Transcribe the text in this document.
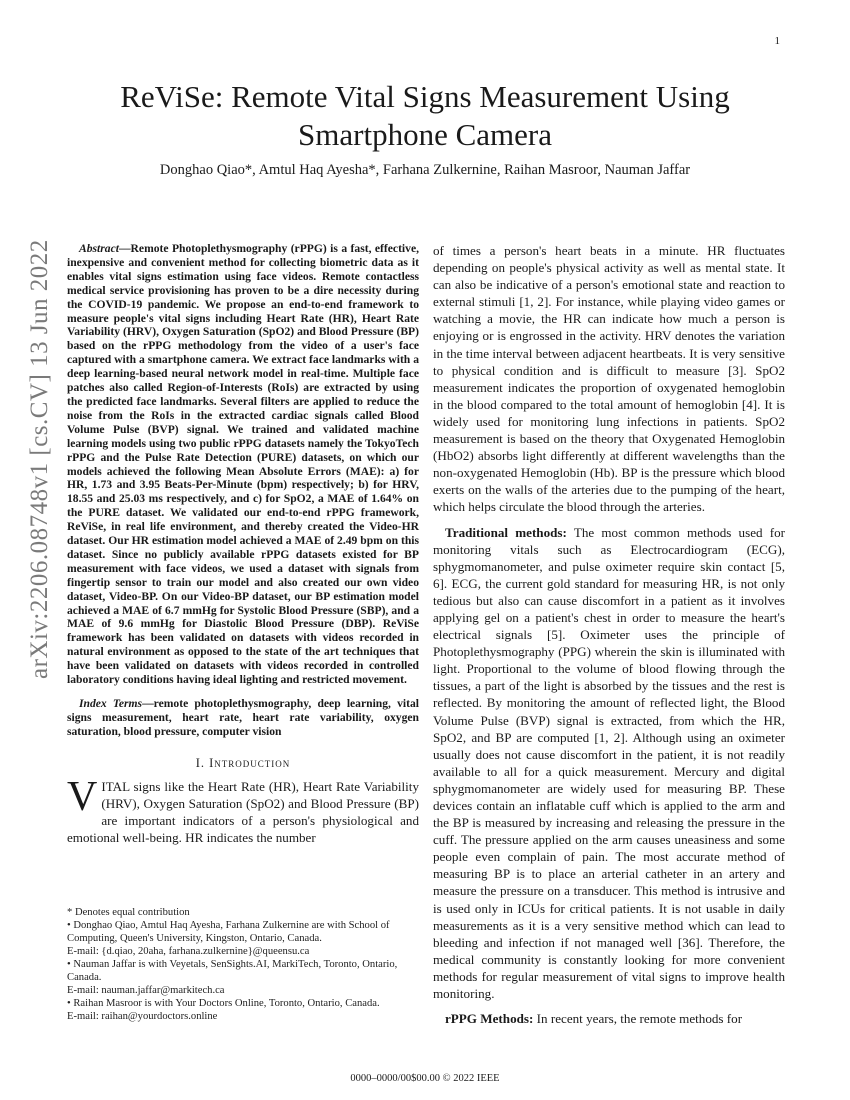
1
arXiv:2206.08748v1 [cs.CV] 13 Jun 2022
ReViSe: Remote Vital Signs Measurement Using Smartphone Camera
Donghao Qiao*, Amtul Haq Ayesha*, Farhana Zulkernine, Raihan Masroor, Nauman Jaffar

Abstract—Remote Photoplethysmography (rPPG) is a fast, effective, inexpensive and convenient method for collecting biometric data as it enables vital signs estimation using face videos. Remote contactless medical service provisioning has proven to be a dire necessity during the COVID-19 pandemic. We propose an end-to-end framework to measure people's vital signs including Heart Rate (HR), Heart Rate Variability (HRV), Oxygen Saturation (SpO2) and Blood Pressure (BP) based on the rPPG methodology from the video of a user's face captured with a smartphone camera. We extract face landmarks with a deep learning-based neural network model in real-time. Multiple face patches also called Region-of-Interests (RoIs) are extracted by using the predicted face landmarks. Several filters are applied to reduce the noise from the RoIs in the extracted cardiac signals called Blood Volume Pulse (BVP) signal. We trained and validated machine learning models using two public rPPG datasets namely the TokyoTech rPPG and the Pulse Rate Detection (PURE) datasets, on which our models achieved the following Mean Absolute Errors (MAE): a) for HR, 1.73 and 3.95 Beats-Per-Minute (bpm) respectively; b) for HRV, 18.55 and 25.03 ms respectively, and c) for SpO2, a MAE of 1.64% on the PURE dataset. We validated our end-to-end rPPG framework, ReViSe, in real life environment, and thereby created the Video-HR dataset. Our HR estimation model achieved a MAE of 2.49 bpm on this dataset. Since no publicly available rPPG datasets existed for BP measurement with face videos, we used a dataset with signals from fingertip sensor to train our model and also created our own video dataset, Video-BP. On our Video-BP dataset, our BP estimation model achieved a MAE of 6.7 mmHg for Systolic Blood Pressure (SBP), and a MAE of 9.6 mmHg for Diastolic Blood Pressure (DBP). ReViSe framework has been validated on datasets with videos recorded in natural environment as opposed to the state of the art techniques that have been validated on datasets with videos recorded in controlled laboratory conditions having ideal lighting and restricted movement.

Index Terms—remote photoplethysmography, deep learning, vital signs measurement, heart rate, heart rate variability, oxygen saturation, blood pressure, computer vision

I. Introduction

VITAL signs like the Heart Rate (HR), Heart Rate Variability (HRV), Oxygen Saturation (SpO2) and Blood Pressure (BP) are important indicators of a person's physiological and emotional well-being. HR indicates the number

* Denotes equal contribution

• Donghao Qiao, Amtul Haq Ayesha, Farhana Zulkernine are with School of Computing, Queen's University, Kingston, Ontario, Canada.

E-mail: {d.qiao, 20aha, farhana.zulkernine}@queensu.ca

• Nauman Jaffar is with Veyetals, SenSights.AI, MarkiTech, Toronto, Ontario, Canada.

E-mail: nauman.jaffar@markitech.ca

• Raihan Masroor is with Your Doctors Online, Toronto, Ontario, Canada.

E-mail: raihan@yourdoctors.online

of times a person's heart beats in a minute. HR fluctuates depending on people's physical activity as well as mental state. It can also be indicative of a person's emotional state and reaction to external stimuli [1, 2]. For instance, while playing video games or watching a movie, the HR can indicate how much a person is enjoying or is engrossed in the activity. HRV denotes the variation in the time interval between adjacent heartbeats. It is very sensitive to physical condition and is difficult to measure [3]. SpO2 measurement indicates the proportion of oxygenated hemoglobin in the blood compared to the total amount of hemoglobin [4]. It is widely used for monitoring lung infections in patients. SpO2 measurement is based on the theory that Oxygenated Hemoglobin (HbO2) absorbs light differently at different wavelengths than the non-oxygenated Hemoglobin (Hb). BP is the pressure which blood exerts on the walls of the arteries due to the pumping of the heart, which helps circulate the blood through the arteries.

Traditional methods: The most common methods used for monitoring vitals such as Electrocardiogram (ECG), sphygmomanometer, and pulse oximeter require skin contact [5, 6]. ECG, the current gold standard for measuring HR, is not only tedious but also can cause discomfort in a patient as it involves applying gel on a patient's chest in order to measure the heart's electrical signals [5]. Oximeter uses the principle of Photoplethysmography (PPG) wherein the skin is illuminated with light. Proportional to the volume of blood flowing through the tissues, a part of the light is absorbed by the tissues and the rest is reflected. By monitoring the amount of reflected light, the Blood Volume Pulse (BVP) signal is extracted, from which the HR, SpO2, and BP are computed [1, 2]. Although using an oximeter usually does not cause discomfort in the patient, it is not readily available to all for a quick measurement. Mercury and digital sphygmomanometer are widely used for measuring BP. These devices contain an inflatable cuff which is applied to the arm and the BP is measured by increasing and releasing the pressure in the cuff. The pressure applied on the arm causes uneasiness and some people even complain of pain. The most accurate method of measuring BP is to place an arterial catheter in an artery and measure the pressure on a transducer. This method is intrusive and is used only in ICUs for critical patients. It is not usable in daily measurements as it is a very sensitive method which can lead to bleeding and infection if not managed well [36]. Therefore, the medical community is constantly looking for more convenient methods for regular measurement of vital signs to improve health monitoring.

rPPG Methods: In recent years, the remote methods for

0000–0000/00$00.00 © 2022 IEEE
